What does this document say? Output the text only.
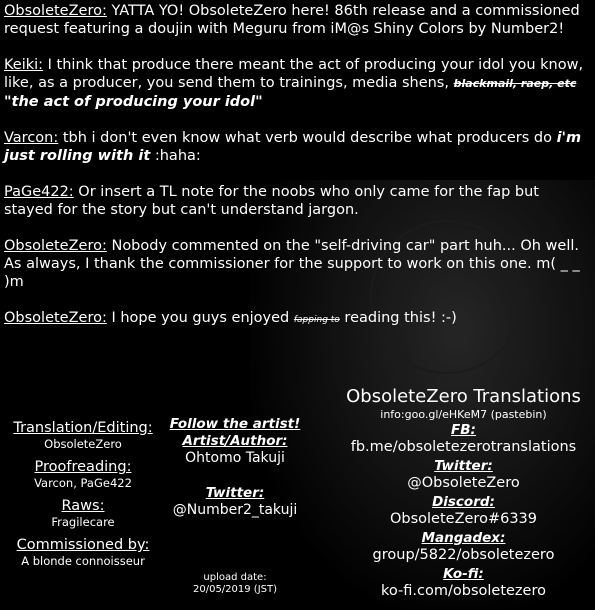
ObsoleteZero: YATTA YO! ObsoleteZero here! 86th release and a commissioned request featuring a doujin with Meguru from iM@s Shiny Colors by Number2!

Keiki: I think that produce there meant the act of producing your idol you know, like, as a producer, you send them to trainings, media shens, blackmail, raep, etc "the act of producing your idol"

Varcon: tbh i don't even know what verb would describe what producers do i'm just rolling with it :haha:

PaGe422: Or insert a TL note for the noobs who only came for the fap but stayed for the story but can't understand jargon.

ObsoleteZero: Nobody commented on the "self-driving car" part huh... Oh well. As always, I thank the commissioner for the support to work on this one. m( _ _ )m

ObsoleteZero: I hope you guys enjoyed fapping to reading this! :-)

Translation/Editing:
ObsoleteZero
Proofreading:
Varcon, PaGe422
Raws:
Fragilecare
Commissioned by:
A blonde connoisseur
Follow the artist!
Artist/Author:
Ohtomo Takuji
Twitter:
@Number2_takuji
upload date:
20/05/2019 (JST)
ObsoleteZero Translations
info:goo.gl/eHKeM7 (pastebin)
FB:
fb.me/obsoletezerotranslations
Twitter:
@ObsoleteZero
Discord:
ObsoleteZero#6339
Mangadex:
group/5822/obsoletezero
Ko-fi:
ko-fi.com/obsoletezero
